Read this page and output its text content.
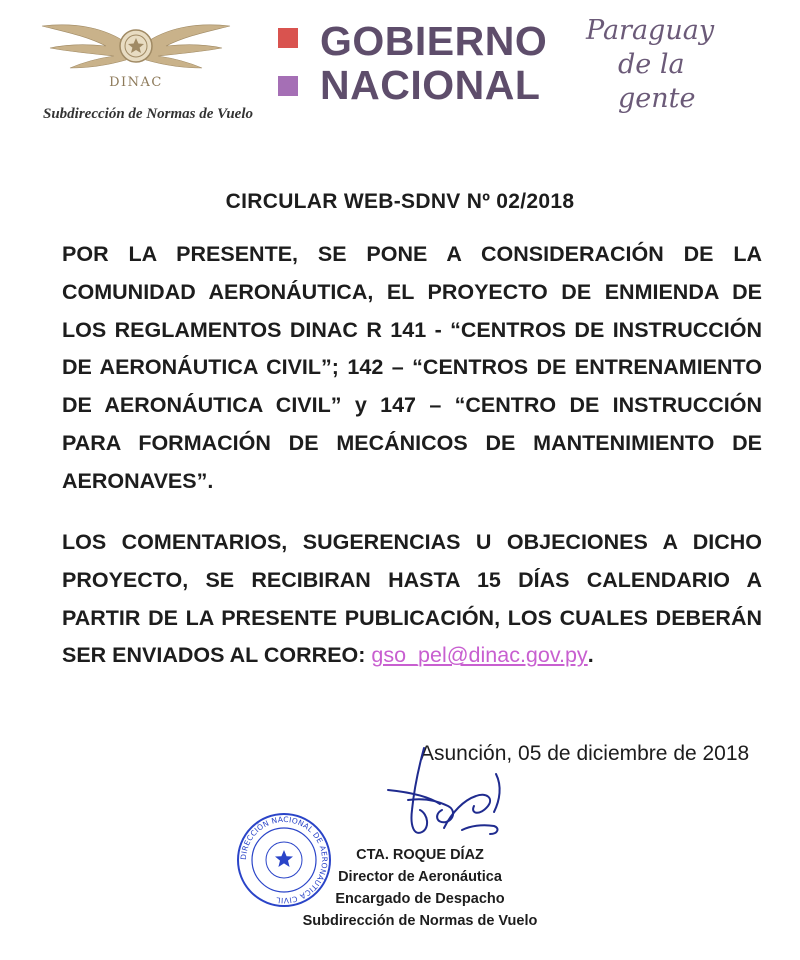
DINAC
Subdirección de Normas de Vuelo
GOBIERNO
NACIONAL
Paraguay
de la gente
CIRCULAR WEB-SDNV Nº 02/2018
POR LA PRESENTE, SE PONE A CONSIDERACIÓN DE LA COMUNIDAD AERONÁUTICA, EL PROYECTO DE ENMIENDA DE LOS REGLAMENTOS DINAC R 141 - “CENTROS DE INSTRUCCIÓN DE AERONÁUTICA CIVIL”; 142 – “CENTROS DE ENTRENAMIENTO DE AERONÁUTICA CIVIL” y 147 – “CENTRO DE INSTRUCCIÓN PARA FORMACIÓN DE MECÁNICOS DE MANTENIMIENTO DE AERONAVES”.
LOS COMENTARIOS, SUGERENCIAS U OBJECIONES A DICHO PROYECTO, SE RECIBIRAN HASTA 15 DÍAS CALENDARIO A PARTIR DE LA PRESENTE PUBLICACIÓN, LOS CUALES DEBERÁN SER ENVIADOS AL CORREO: gso_pel@dinac.gov.py.
Asunción, 05 de diciembre de 2018
DIRECCIÓN NACIONAL DE AERONÁUTICA CIVIL
CTA. ROQUE DÍAZ
Director de Aeronáutica
Encargado de Despacho
Subdirección de Normas de Vuelo
